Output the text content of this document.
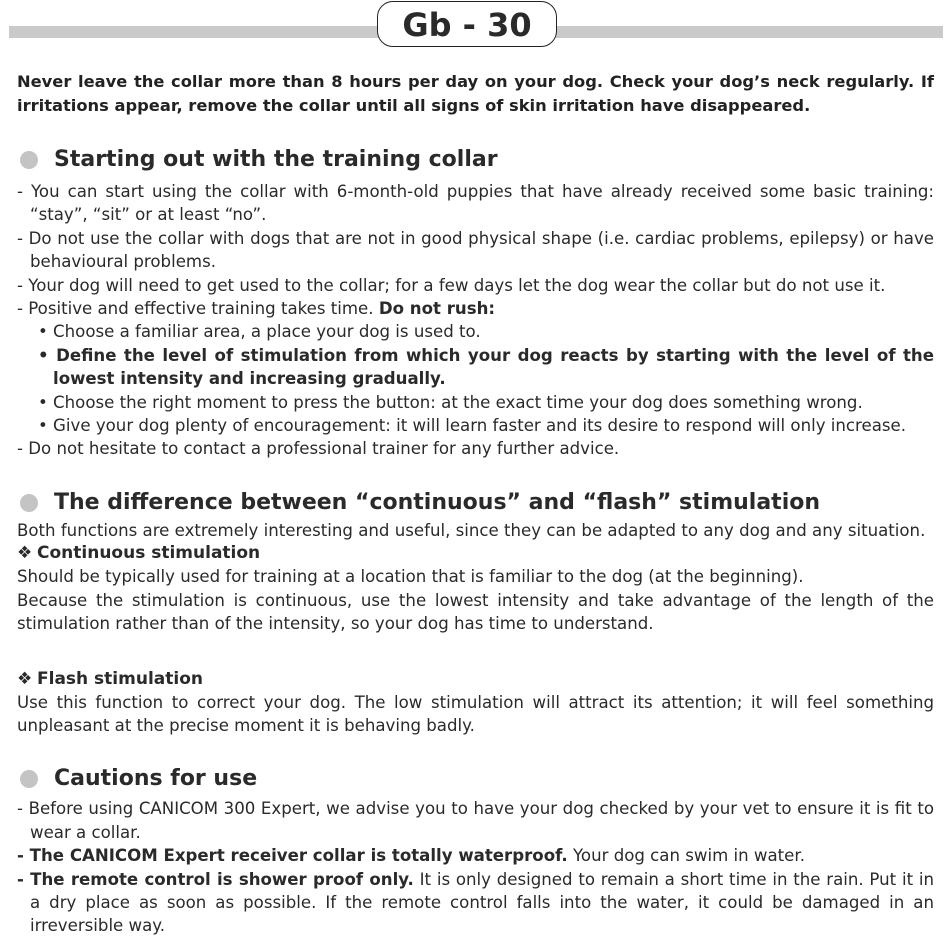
Gb - 30

Never leave the collar more than 8 hours per day on your dog. Check your dog’s neck regularly. If irritations appear, remove the collar until all signs of skin irritation have disappeared.

Starting out with the training collar

- You can start using the collar with 6-month-old puppies that have already received some basic training: “stay”, “sit” or at least “no”.

- Do not use the collar with dogs that are not in good physical shape (i.e. cardiac problems, epilepsy) or have behavioural problems.

- Your dog will need to get used to the collar; for a few days let the dog wear the collar but do not use it.

- Positive and effective training takes time. Do not rush:

• Choose a familiar area, a place your dog is used to.

• Define the level of stimulation from which your dog reacts by starting with the level of the lowest intensity and increasing gradually.

• Choose the right moment to press the button: at the exact time your dog does something wrong.

• Give your dog plenty of encouragement: it will learn faster and its desire to respond will only increase.

- Do not hesitate to contact a professional trainer for any further advice.

The difference between “continuous” and “flash” stimulation

Both functions are extremely interesting and useful, since they can be adapted to any dog and any situation.

❖ Continuous stimulation

Should be typically used for training at a location that is familiar to the dog (at the beginning).

Because the stimulation is continuous, use the lowest intensity and take advantage of the length of the stimulation rather than of the intensity, so your dog has time to understand.

❖ Flash stimulation

Use this function to correct your dog. The low stimulation will attract its attention; it will feel something unpleasant at the precise moment it is behaving badly.

Cautions for use

- Before using CANICOM 300 Expert, we advise you to have your dog checked by your vet to ensure it is fit to wear a collar.

- The CANICOM Expert receiver collar is totally waterproof. Your dog can swim in water.

- The remote control is shower proof only. It is only designed to remain a short time in the rain. Put it in a dry place as soon as possible. If the remote control falls into the water, it could be damaged in an irreversible way.
